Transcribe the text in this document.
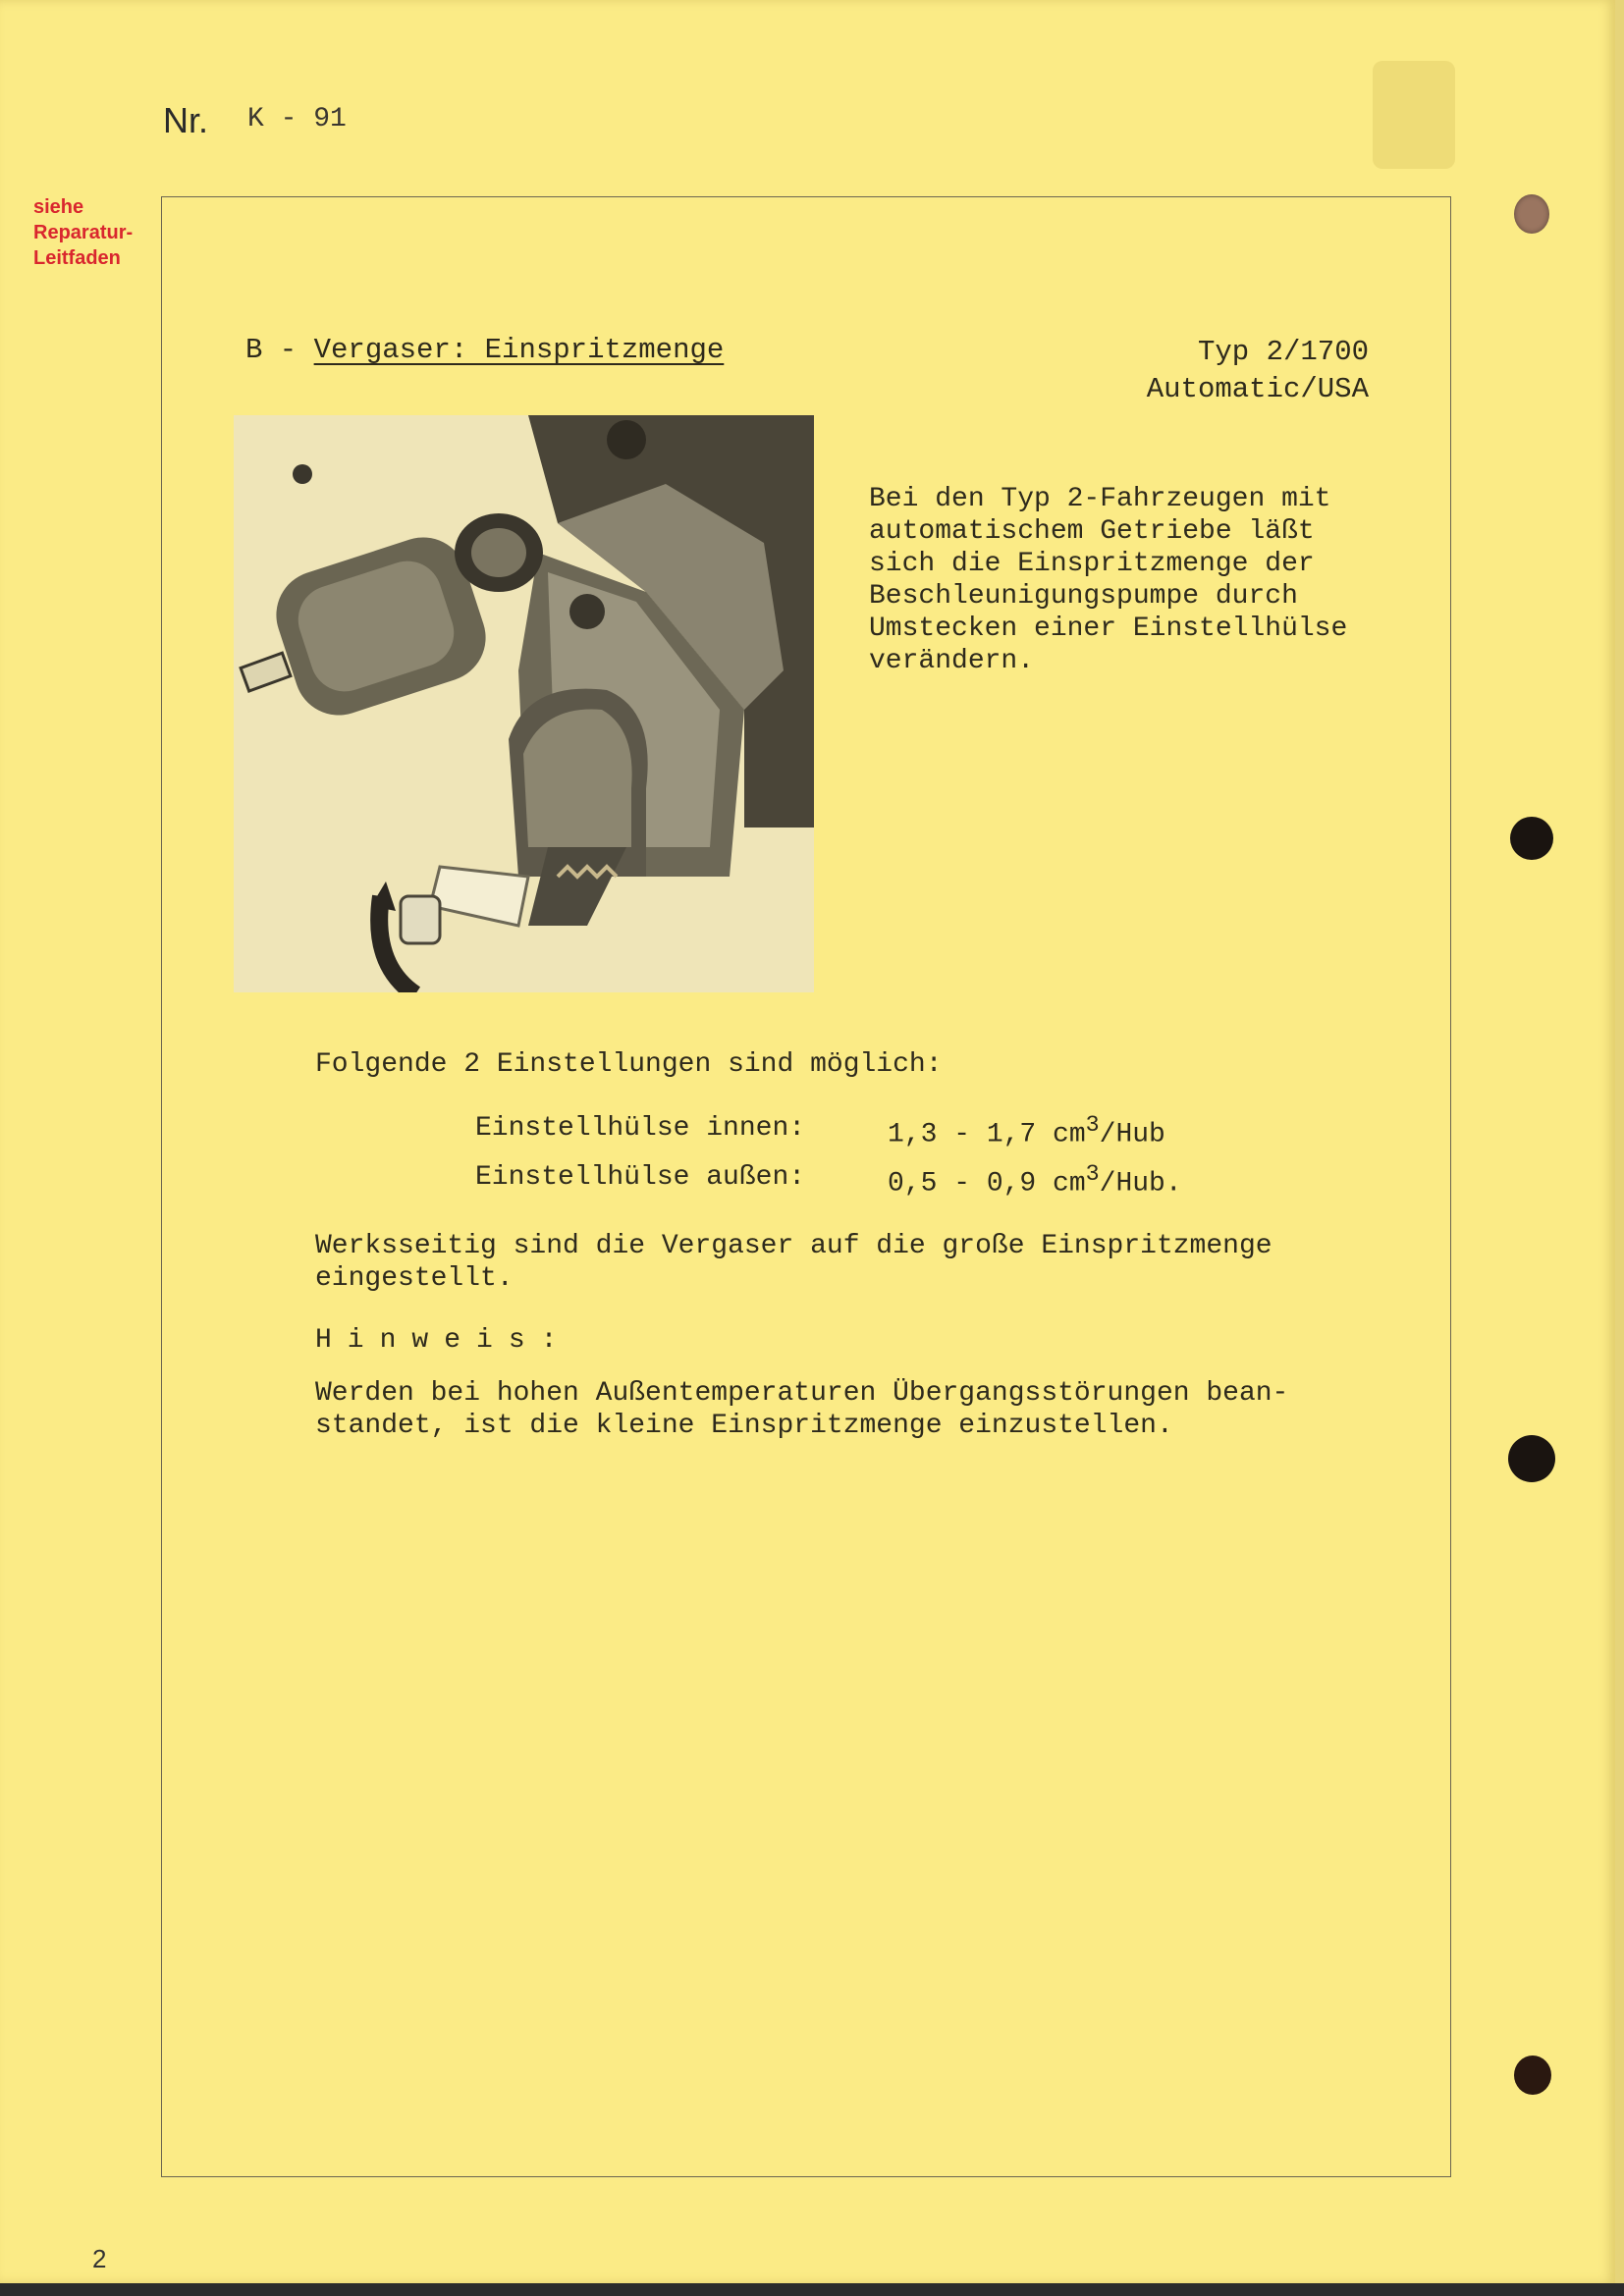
Nr. K - 91
siehe
Reparatur-
Leitfaden
B - Vergaser: Einspritzmenge	Typ 2/1700
Automatic/USA
Bei den Typ 2-Fahrzeugen mit
automatischem Getriebe läßt
sich die Einspritzmenge der
Beschleunigungspumpe durch
Umstecken einer Einstellhülse
verändern.
Folgende 2 Einstellungen sind möglich:

Einstellhülse innen:

	1,3 - 1,7 $cm^3$/Hub

Einstellhülse außen:

	0,5 - 0,9 $cm^3$/Hub.

Werksseitig sind die Vergaser auf die große Einspritzmenge
eingestellt.
Hinweis:
Werden bei hohen Außentemperaturen Übergangsstörungen bean-
standet, ist die kleine Einspritzmenge einzustellen.
2
